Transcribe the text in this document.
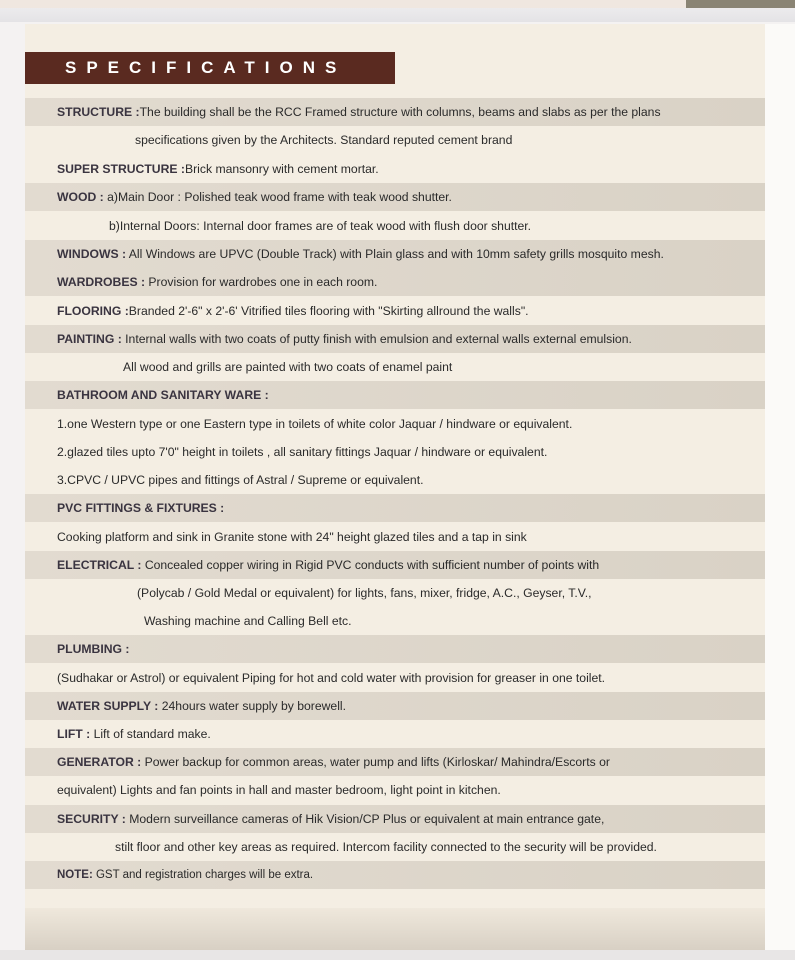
SPECIFICATIONS
STRUCTURE :The building shall be the RCC Framed structure with columns, beams and slabs as per the plans
specifications given by the Architects. Standard reputed cement brand
SUPER STRUCTURE :Brick mansonry with cement mortar.
WOOD : a)Main Door : Polished teak wood frame with teak wood shutter.
b)Internal Doors: Internal door frames are of teak wood with flush door shutter.
WINDOWS : All Windows are UPVC (Double Track) with Plain glass and with 10mm safety grills mosquito mesh.
WARDROBES : Provision for wardrobes one in each room.
FLOORING :Branded 2'-6" x 2'-6' Vitrified tiles flooring with "Skirting allround the walls".
PAINTING : Internal walls with two coats of putty finish with emulsion and external walls external emulsion.
All wood and grills are painted with two coats of enamel paint
BATHROOM AND SANITARY WARE :
1.one Western type or one Eastern type in toilets of white color Jaquar / hindware or equivalent.
2.glazed tiles upto 7'0" height in toilets , all sanitary fittings Jaquar / hindware or equivalent.
3.CPVC / UPVC pipes and fittings of Astral / Supreme or equivalent.
PVC FITTINGS & FIXTURES :
Cooking platform and sink in Granite stone with 24" height glazed tiles and a tap in sink
ELECTRICAL : Concealed copper wiring in Rigid PVC conducts with sufficient number of points with
(Polycab / Gold Medal or equivalent) for lights, fans, mixer, fridge, A.C., Geyser, T.V.,
Washing machine and Calling Bell etc.
PLUMBING :
(Sudhakar or Astrol) or equivalent Piping for hot and cold water with provision for greaser in one toilet.
WATER SUPPLY : 24hours water supply by borewell.
LIFT : Lift of standard make.
GENERATOR : Power backup for common areas, water pump and lifts (Kirloskar/ Mahindra/Escorts or
equivalent) Lights and fan points in hall and master bedroom, light point in kitchen.
SECURITY : Modern surveillance cameras of Hik Vision/CP Plus or equivalent at main entrance gate,
stilt floor and other key areas as required. Intercom facility connected to the security will be provided.
NOTE: GST and registration charges will be extra.
